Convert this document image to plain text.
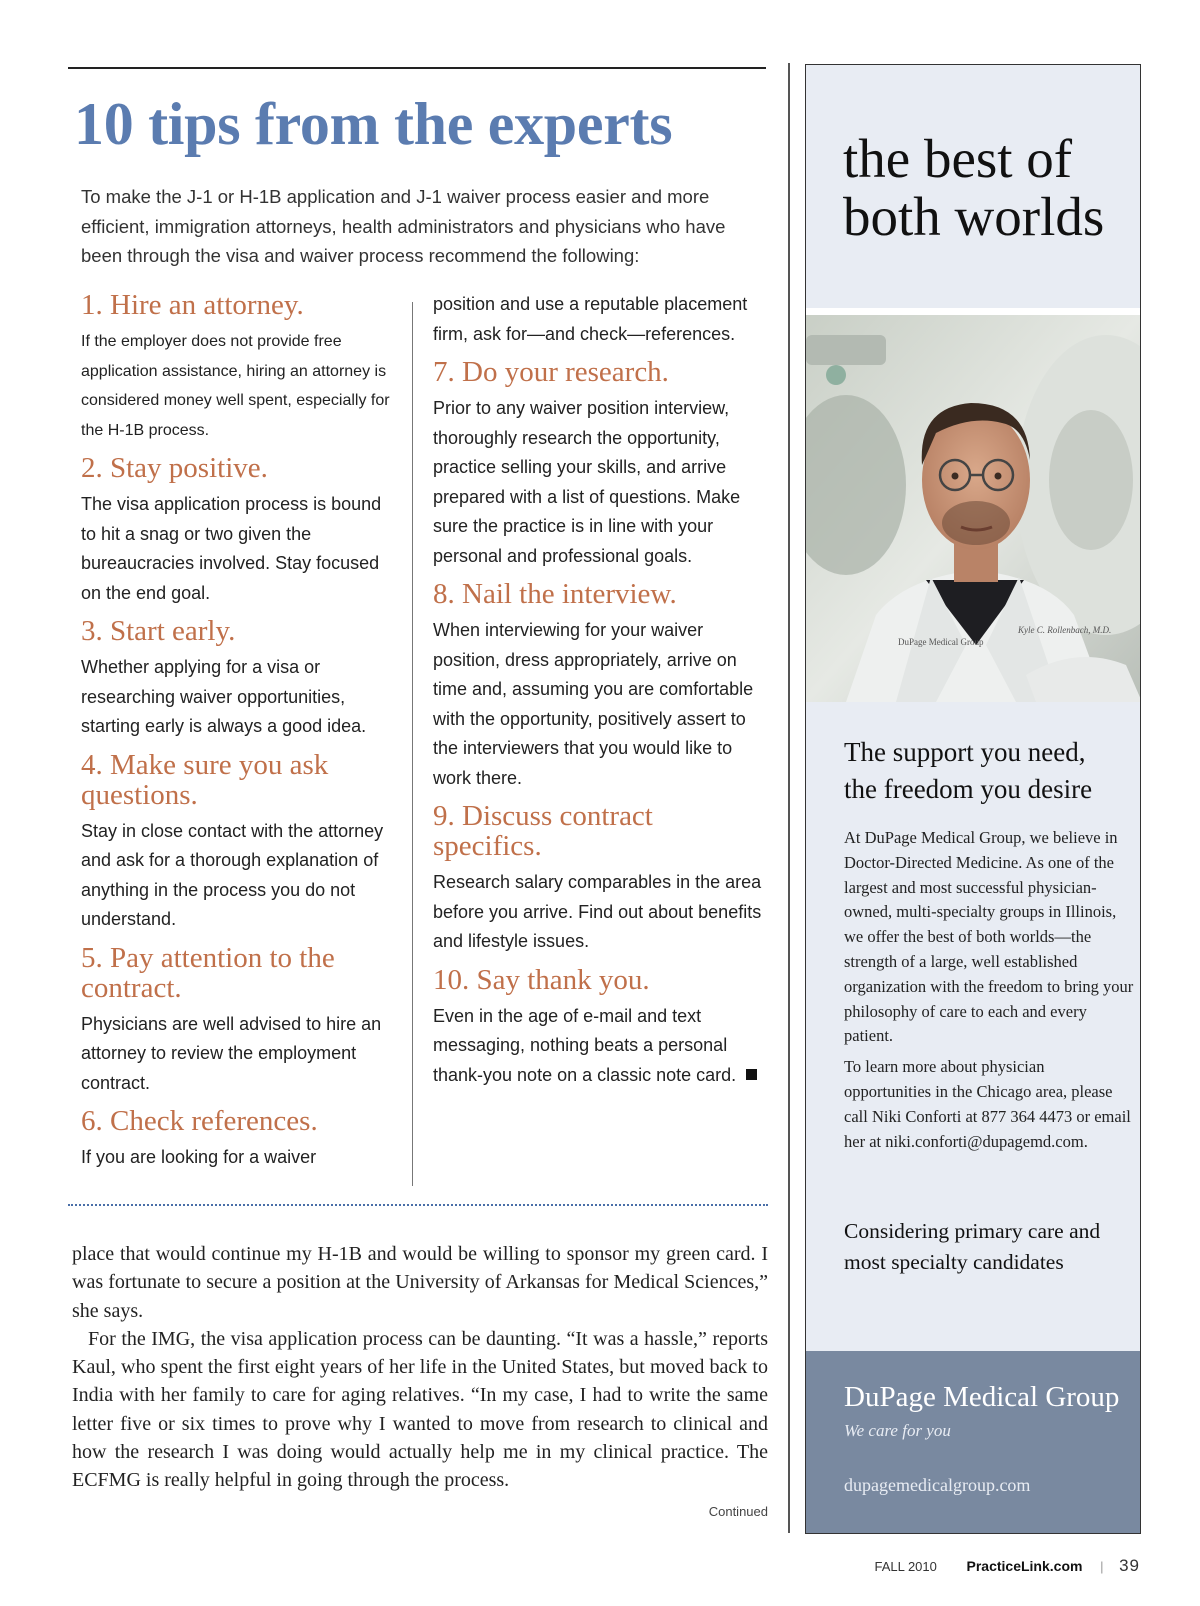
10 tips from the experts

To make the J-1 or H-1B application and J-1 waiver process easier and more efficient, immigration attorneys, health administrators and physicians who have been through the visa and waiver process recommend the following:

1. Hire an attorney.
If the employer does not provide free application assistance, hiring an attorney is considered money well spent, especially for the H-1B process.
2. Stay positive.
The visa application process is bound to hit a snag or two given the bureaucracies involved. Stay focused on the end goal.
3. Start early.
Whether applying for a visa or researching waiver opportunities, starting early is always a good idea.
4. Make sure you ask questions.
Stay in close contact with the attorney and ask for a thorough explanation of anything in the process you do not understand.
5. Pay attention to the contract.
Physicians are well advised to hire an attorney to review the employment contract.
6. Check references.
If you are looking for a waiver
position and use a reputable placement firm, ask for—and check—references.
7. Do your research.
Prior to any waiver position interview, thoroughly research the opportunity, practice selling your skills, and arrive prepared with a list of questions. Make sure the practice is in line with your personal and professional goals.
8. Nail the interview.
When interviewing for your waiver position, dress appropriately, arrive on time and, assuming you are comfortable with the opportunity, positively assert to the interviewers that you would like to work there.
9. Discuss contract specifics.
Research salary comparables in the area before you arrive. Find out about benefits and lifestyle issues.
10. Say thank you.
Even in the age of e-mail and text messaging, nothing beats a personal thank-you note on a classic note card.

place that would continue my H-1B and would be willing to sponsor my green card. I was fortunate to secure a position at the University of Arkansas for Medical Sciences,” she says.

For the IMG, the visa application process can be daunting. “It was a hassle,” reports Kaul, who spent the first eight years of her life in the United States, but moved back to India with her family to care for aging relatives. “In my case, I had to write the same letter five or six times to prove why I wanted to move from research to clinical and how the research I was doing would actually help me in my clinical practice. The ECFMG is really helpful in going through the process.

Continued
the best of
both worlds
DuPage Medical Group
Kyle C. Rollenbach, M.D.
The support you need,
the freedom you desire

At DuPage Medical Group, we believe in Doctor-Directed Medicine. As one of the largest and most successful physician-owned, multi-specialty groups in Illinois, we offer the best of both worlds—the strength of a large, well established organization with the freedom to bring your philosophy of care to each and every patient.

To learn more about physician opportunities in the Chicago area, please call Niki Conforti at 877 364 4473 or email her at niki.conforti@dupagemd.com.

Considering primary care and most specialty candidates
DuPage Medical Group
We care for you
dupagemedicalgroup.com
FALL 2010 PracticeLink.com | 39
